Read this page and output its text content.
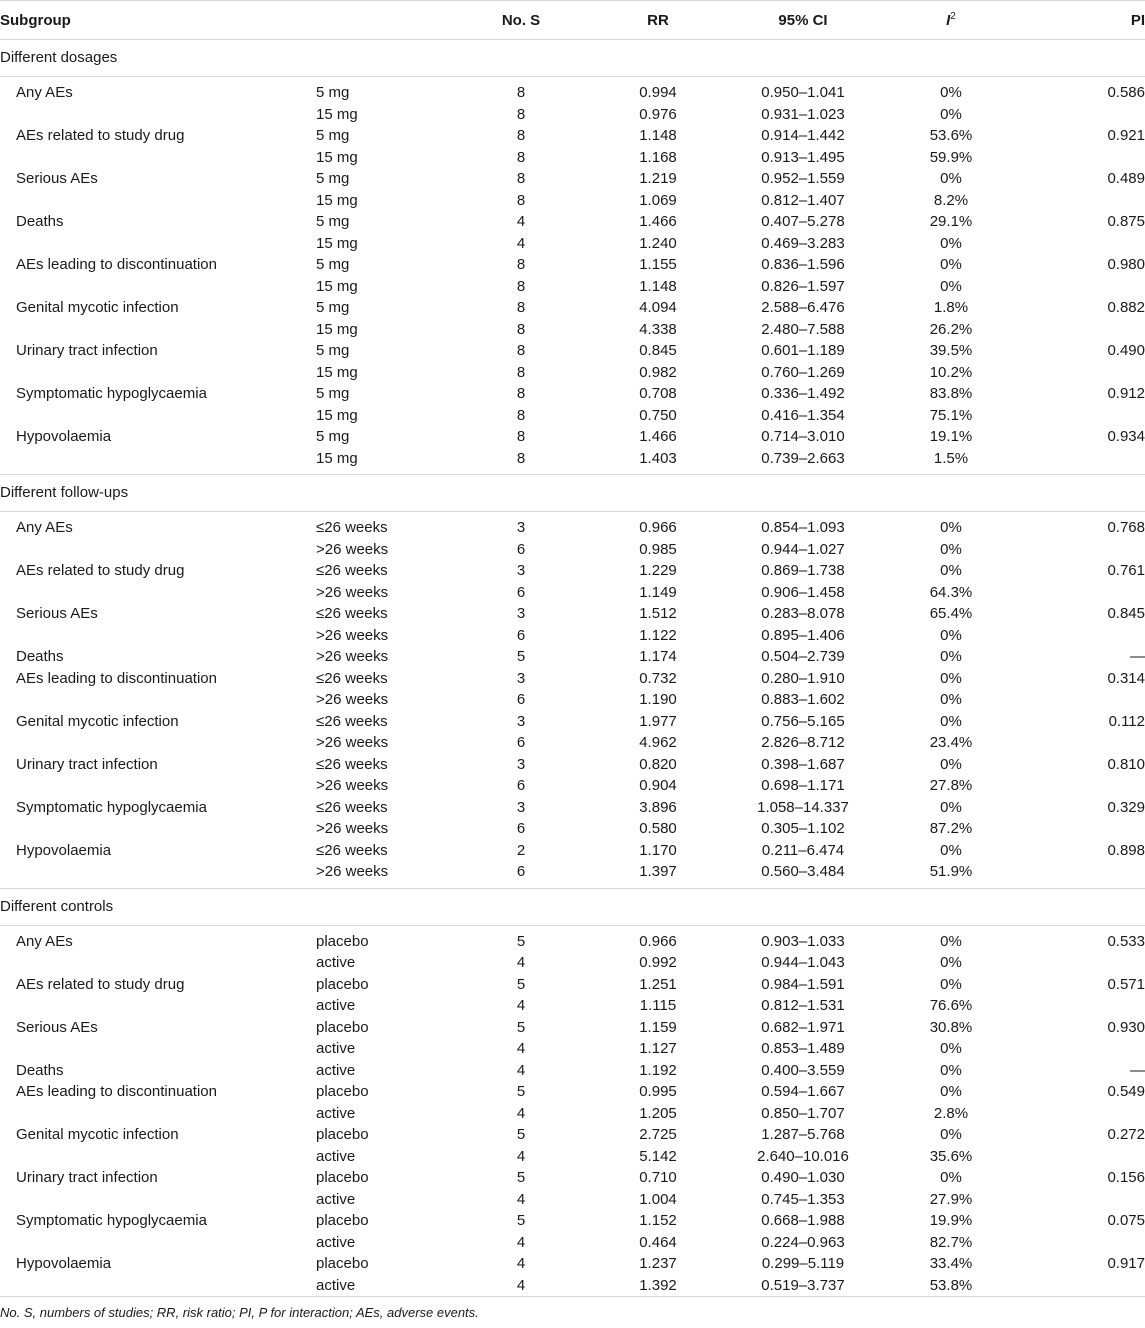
Subgroup		No. S	RR	95% CI	$I^2$	PI
Different dosages						

Any AEs	5 mg	8	0.994	0.950–1.041	0%	0.586
	15 mg	8	0.976	0.931–1.023	0%	
AEs related to study drug	5 mg	8	1.148	0.914–1.442	53.6%	0.921
	15 mg	8	1.168	0.913–1.495	59.9%	
Serious AEs	5 mg	8	1.219	0.952–1.559	0%	0.489
	15 mg	8	1.069	0.812–1.407	8.2%	
Deaths	5 mg	4	1.466	0.407–5.278	29.1%	0.875
	15 mg	4	1.240	0.469–3.283	0%	
AEs leading to discontinuation	5 mg	8	1.155	0.836–1.596	0%	0.980
	15 mg	8	1.148	0.826–1.597	0%	
Genital mycotic infection	5 mg	8	4.094	2.588–6.476	1.8%	0.882
	15 mg	8	4.338	2.480–7.588	26.2%	
Urinary tract infection	5 mg	8	0.845	0.601–1.189	39.5%	0.490
	15 mg	8	0.982	0.760–1.269	10.2%	
Symptomatic hypoglycaemia	5 mg	8	0.708	0.336–1.492	83.8%	0.912
	15 mg	8	0.750	0.416–1.354	75.1%	
Hypovolaemia	5 mg	8	1.466	0.714–3.010	19.1%	0.934
	15 mg	8	1.403	0.739–2.663	1.5%	

Different follow-ups						

Any AEs	≤26 weeks	3	0.966	0.854–1.093	0%	0.768
	>26 weeks	6	0.985	0.944–1.027	0%	
AEs related to study drug	≤26 weeks	3	1.229	0.869–1.738	0%	0.761
	>26 weeks	6	1.149	0.906–1.458	64.3%	
Serious AEs	≤26 weeks	3	1.512	0.283–8.078	65.4%	0.845
	>26 weeks	6	1.122	0.895–1.406	0%	
Deaths	>26 weeks	5	1.174	0.504–2.739	0%	—
AEs leading to discontinuation	≤26 weeks	3	0.732	0.280–1.910	0%	0.314
	>26 weeks	6	1.190	0.883–1.602	0%	
Genital mycotic infection	≤26 weeks	3	1.977	0.756–5.165	0%	0.112
	>26 weeks	6	4.962	2.826–8.712	23.4%	
Urinary tract infection	≤26 weeks	3	0.820	0.398–1.687	0%	0.810
	>26 weeks	6	0.904	0.698–1.171	27.8%	
Symptomatic hypoglycaemia	≤26 weeks	3	3.896	1.058–14.337	0%	0.329
	>26 weeks	6	0.580	0.305–1.102	87.2%	
Hypovolaemia	≤26 weeks	2	1.170	0.211–6.474	0%	0.898
	>26 weeks	6	1.397	0.560–3.484	51.9%	

Different controls						

Any AEs	placebo	5	0.966	0.903–1.033	0%	0.533
	active	4	0.992	0.944–1.043	0%	
AEs related to study drug	placebo	5	1.251	0.984–1.591	0%	0.571
	active	4	1.115	0.812–1.531	76.6%	
Serious AEs	placebo	5	1.159	0.682–1.971	30.8%	0.930
	active	4	1.127	0.853–1.489	0%	
Deaths	active	4	1.192	0.400–3.559	0%	—
AEs leading to discontinuation	placebo	5	0.995	0.594–1.667	0%	0.549
	active	4	1.205	0.850–1.707	2.8%	
Genital mycotic infection	placebo	5	2.725	1.287–5.768	0%	0.272
	active	4	5.142	2.640–10.016	35.6%	
Urinary tract infection	placebo	5	0.710	0.490–1.030	0%	0.156
	active	4	1.004	0.745–1.353	27.9%	
Symptomatic hypoglycaemia	placebo	5	1.152	0.668–1.988	19.9%	0.075
	active	4	0.464	0.224–0.963	82.7%	
Hypovolaemia	placebo	4	1.237	0.299–5.119	33.4%	0.917
	active	4	1.392	0.519–3.737	53.8%	

No. S, numbers of studies; RR, risk ratio; PI, P for interaction; AEs, adverse events.
